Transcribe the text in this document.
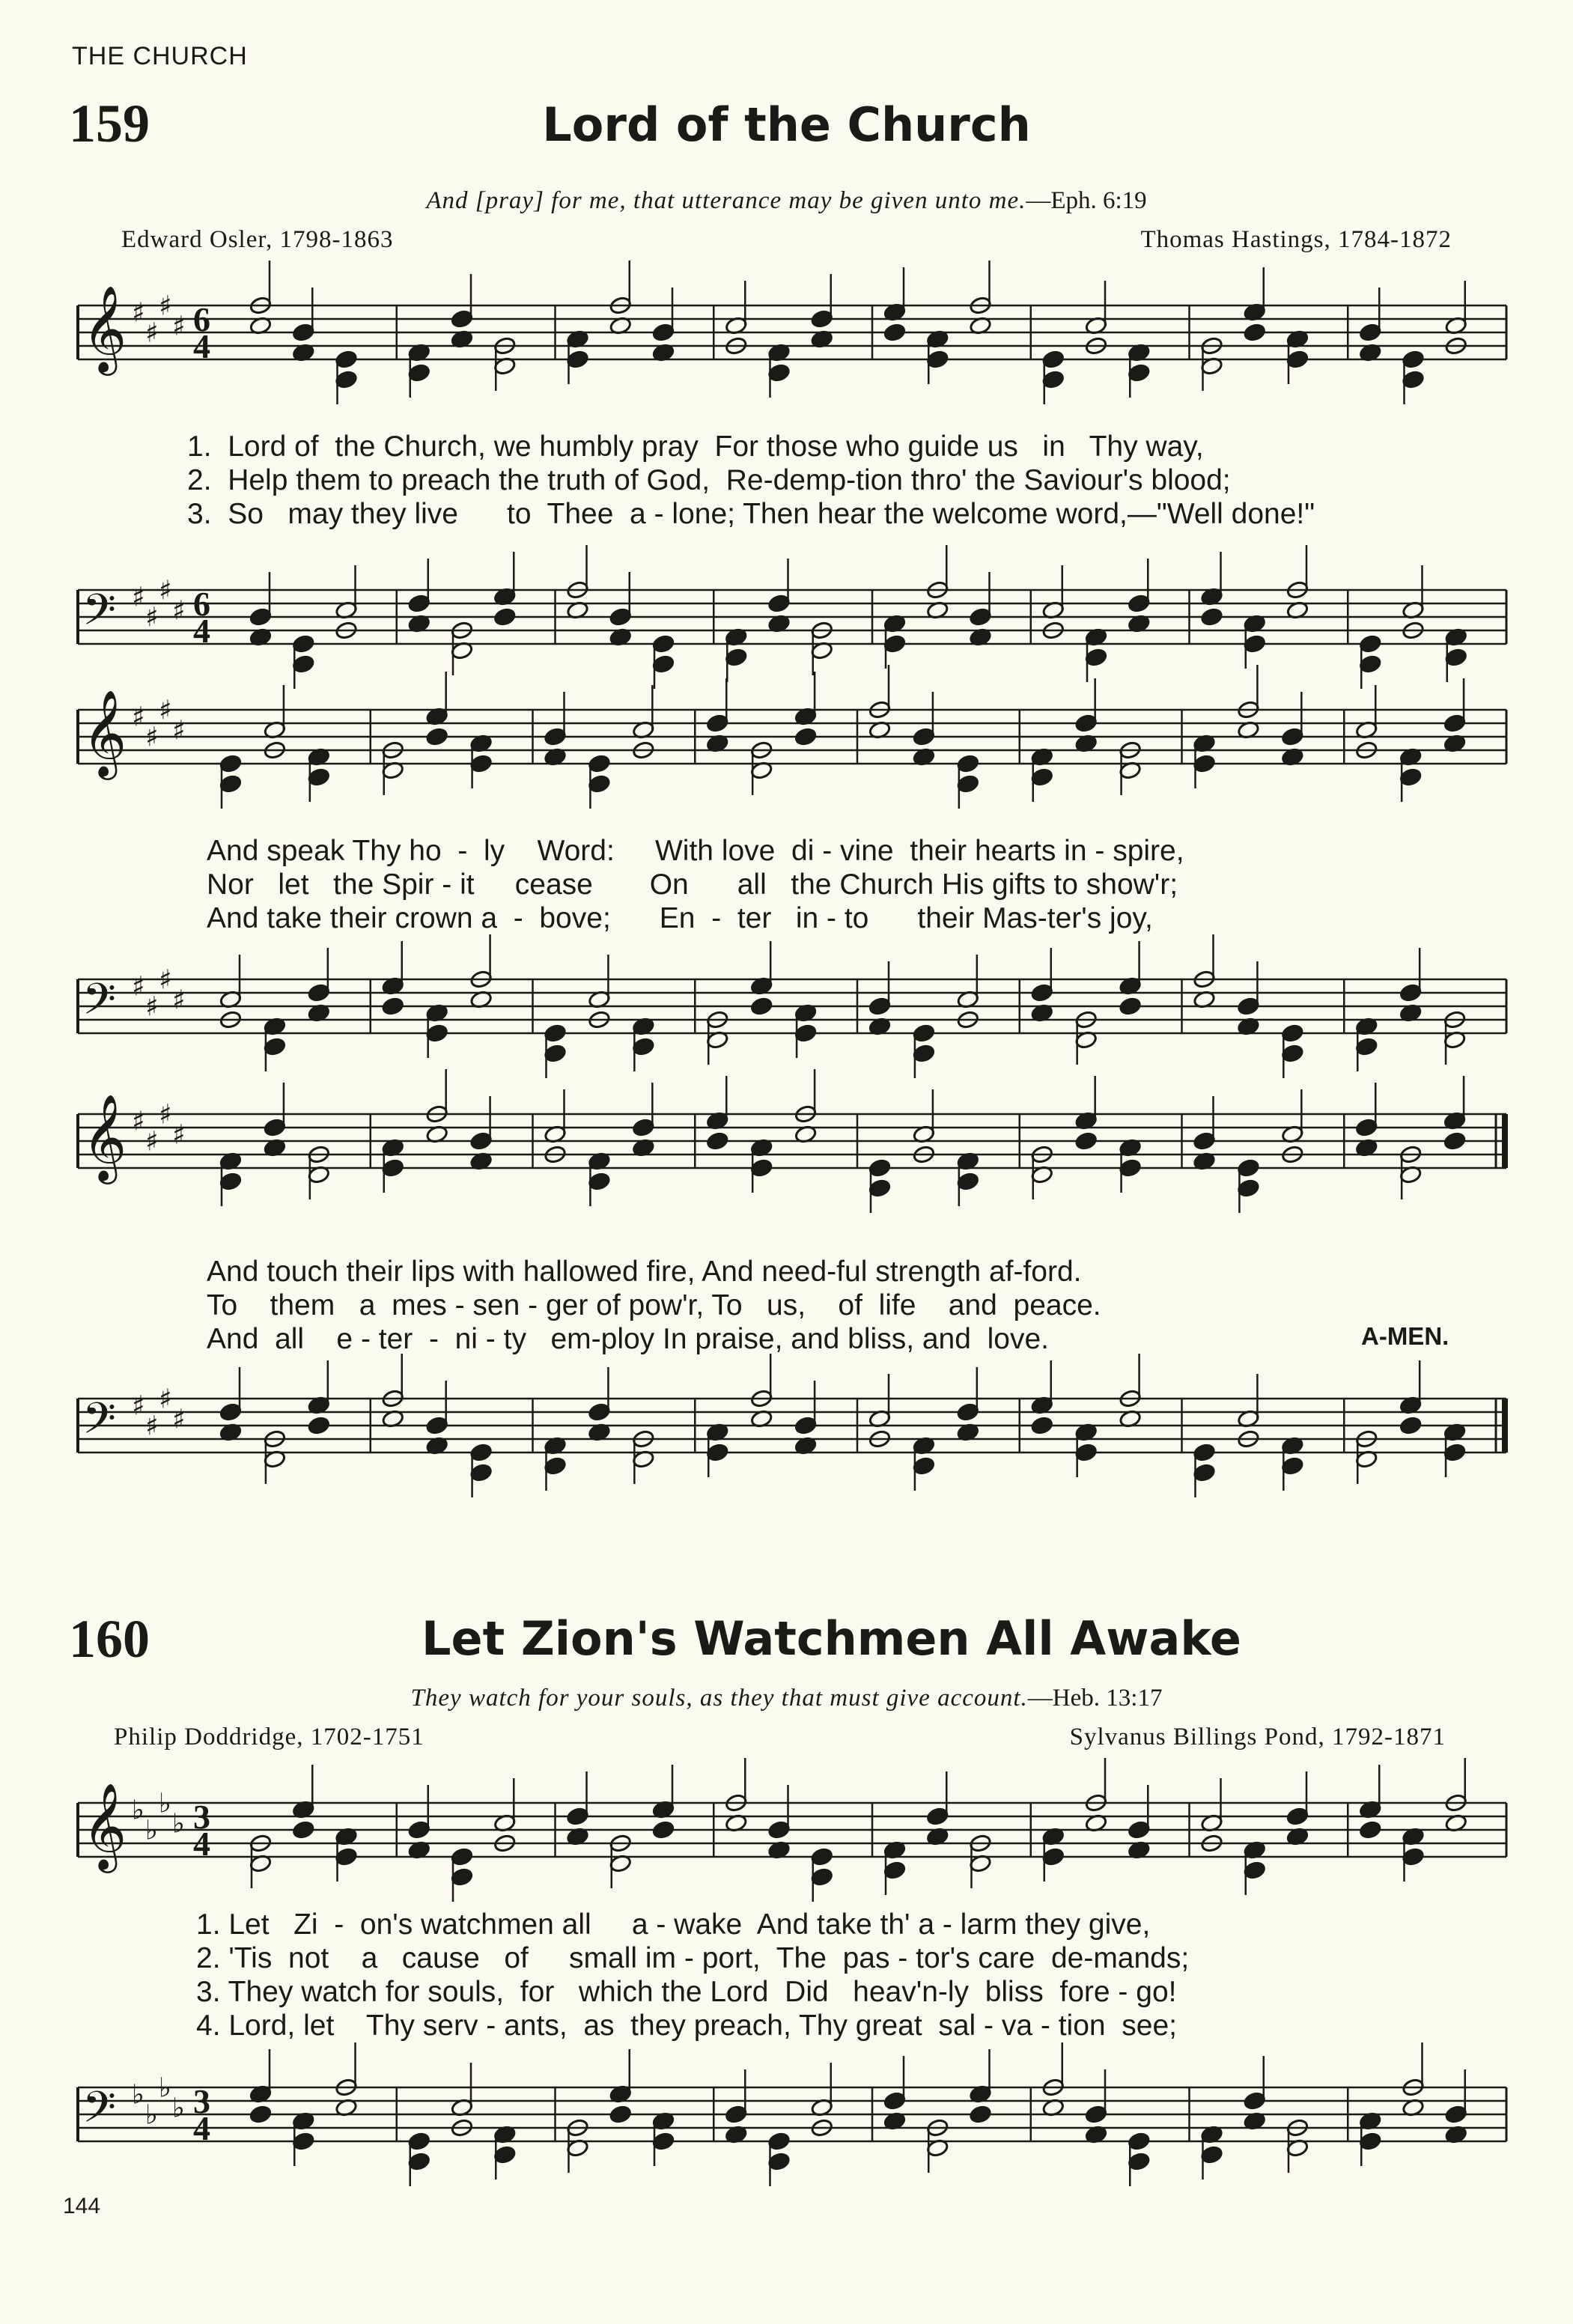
THE CHURCH
159	Lord of the Church
And [pray] for me, that utterance may be given unto me.—Eph. 6:19
Edward Osler, 1798-1863	Thomas Hastings, 1784-1872
𝄞 ♯
♯
♯
♯ 6
4
1.  Lord of  the Church, we humbly pray  For those who guide us   in   Thy way,
2.  Help them to preach the truth of God,  Re-demp-tion thro' the Saviour's blood;
3.  So   may they live      to  Thee  a - lone; Then hear the welcome word,—"Well done!"
𝄢 ♯
♯
♯
♯ 6
4
𝄞 ♯
♯
♯
♯
And speak Thy ho  -  ly    Word:     With love  di - vine  their hearts in - spire,
Nor   let   the Spir - it     cease       On      all   the Church His gifts to show'r;
And take their crown a  -  bove;      En  -  ter   in - to      their Mas-ter's joy,
𝄢 ♯
♯
♯
♯
𝄞 ♯
♯
♯
♯
And touch their lips with hallowed fire, And need-ful strength af-ford.
To    them   a  mes - sen - ger of pow'r, To   us,    of  life    and  peace.
And  all    e - ter  -  ni - ty   em-ploy In praise, and bliss, and  love.	A-MEN.
𝄢 ♯
♯
♯
♯
160	Let Zion's Watchmen All Awake
They watch for your souls, as they that must give account.—Heb. 13:17
Philip Doddridge, 1702-1751	Sylvanus Billings Pond, 1792-1871
𝄞 ♭
♭
♭
♭ 3
4
1. Let   Zi  -  on's watchmen all     a - wake  And take th' a - larm they give,
2. 'Tis  not    a   cause   of     small im - port,  The  pas - tor's care  de-mands;
3. They watch for souls,  for   which the Lord  Did   heav'n-ly  bliss  fore - go!
4. Lord, let    Thy serv - ants,  as  they preach, Thy great  sal - va - tion  see;
𝄢 ♭
♭
♭
♭ 3
4
144
